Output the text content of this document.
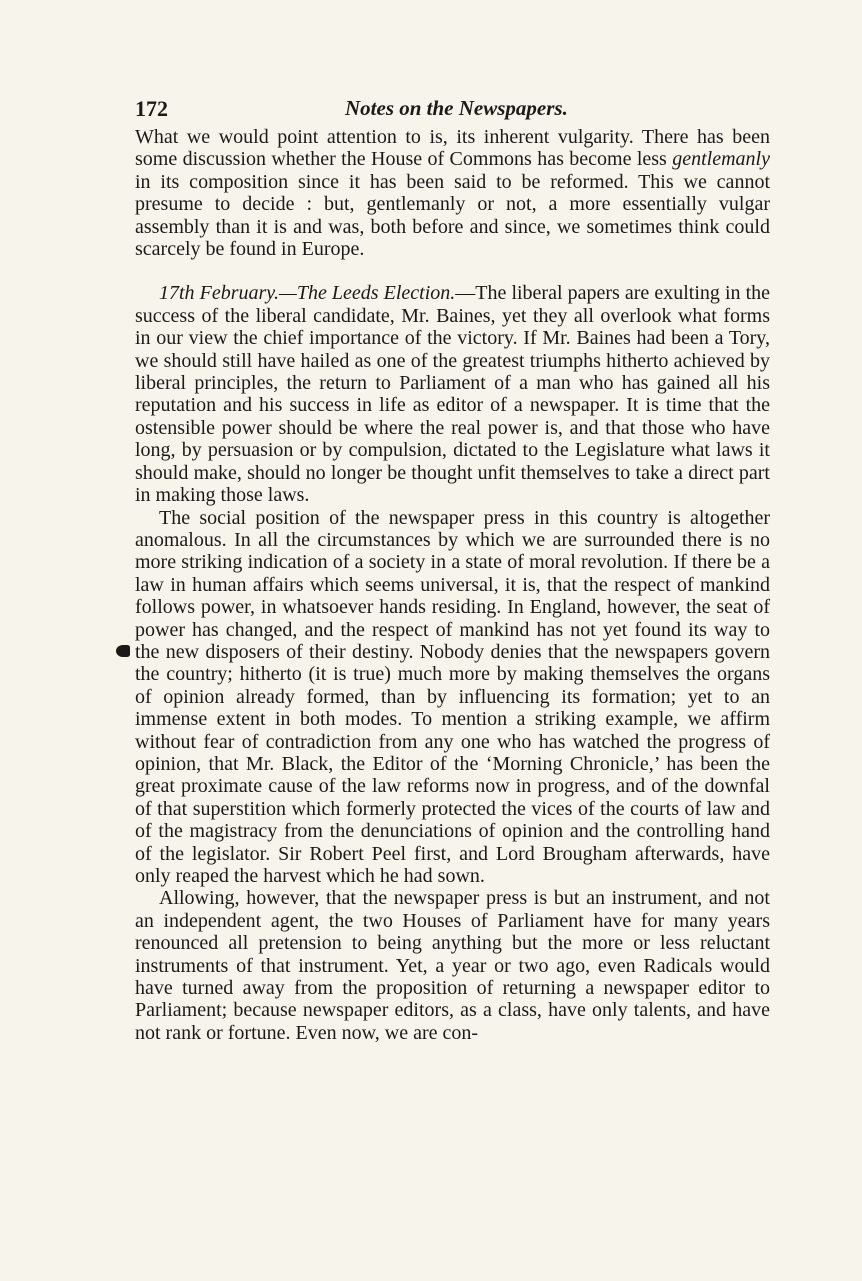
172	Notes on the Newspapers.

What we would point attention to is, its inherent vulgarity. There has been some discussion whether the House of Commons has become less gentlemanly in its composition since it has been said to be reformed. This we cannot presume to decide : but, gentlemanly or not, a more essentially vulgar assembly than it is and was, both before and since, we sometimes think could scarcely be found in Europe.

17th February.—The Leeds Election.—The liberal papers are exulting in the success of the liberal candidate, Mr. Baines, yet they all overlook what forms in our view the chief importance of the victory. If Mr. Baines had been a Tory, we should still have hailed as one of the greatest triumphs hitherto achieved by liberal principles, the return to Parliament of a man who has gained all his reputation and his success in life as editor of a newspaper. It is time that the ostensible power should be where the real power is, and that those who have long, by persuasion or by compulsion, dictated to the Legislature what laws it should make, should no longer be thought unfit themselves to take a direct part in making those laws.

The social position of the newspaper press in this country is altogether anomalous. In all the circumstances by which we are surrounded there is no more striking indication of a society in a state of moral revolution. If there be a law in human affairs which seems universal, it is, that the respect of mankind follows power, in whatsoever hands residing. In England, however, the seat of power has changed, and the respect of mankind has not yet found its way to the new disposers of their destiny. Nobody denies that the newspapers govern the country; hitherto (it is true) much more by making themselves the organs of opinion already formed, than by influencing its formation; yet to an immense extent in both modes. To mention a striking example, we affirm without fear of contradiction from any one who has watched the progress of opinion, that Mr. Black, the Editor of the ‘Morning Chronicle,’ has been the great proximate cause of the law reforms now in progress, and of the downfal of that superstition which formerly protected the vices of the courts of law and of the magistracy from the denunciations of opinion and the controlling hand of the legislator. Sir Robert Peel first, and Lord Brougham afterwards, have only reaped the harvest which he had sown.

Allowing, however, that the newspaper press is but an instrument, and not an independent agent, the two Houses of Parliament have for many years renounced all pretension to being anything but the more or less reluctant instruments of that instrument. Yet, a year or two ago, even Radicals would have turned away from the proposition of returning a newspaper editor to Parliament; because newspaper editors, as a class, have only talents, and have not rank or fortune. Even now, we are con-
